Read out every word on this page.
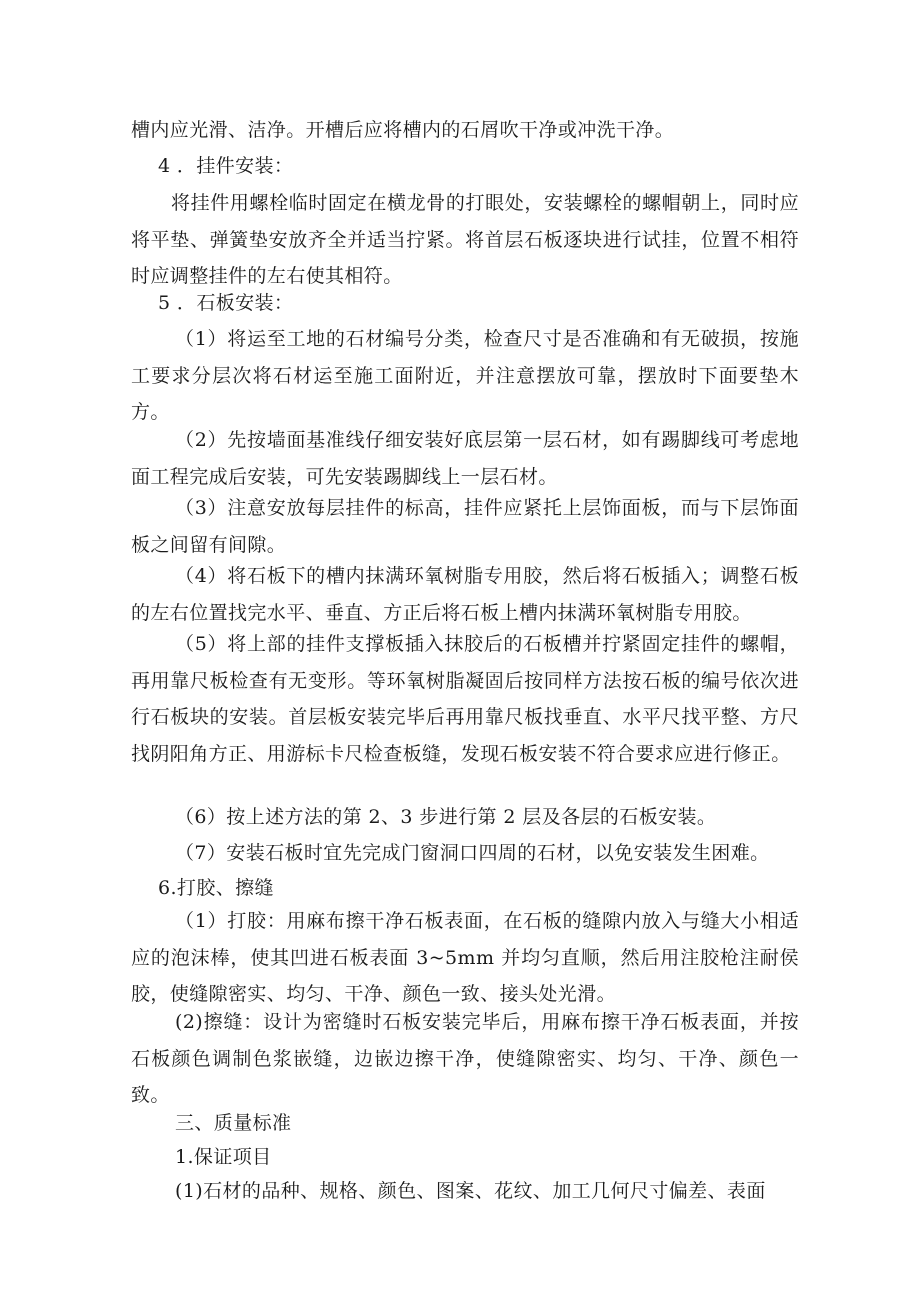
槽内应光滑、洁净。开槽后应将槽内的石屑吹干净或冲洗干净。

4 ．挂件安装：

将挂件用螺栓临时固定在横龙骨的打眼处，安装螺栓的螺帽朝上，同时应将平垫、弹簧垫安放齐全并适当拧紧。将首层石板逐块进行试挂，位置不相符时应调整挂件的左右使其相符。

5 ．石板安装：

（1）将运至工地的石材编号分类，检查尺寸是否准确和有无破损，按施工要求分层次将石材运至施工面附近，并注意摆放可靠，摆放时下面要垫木方。

（2）先按墙面基准线仔细安装好底层第一层石材，如有踢脚线可考虑地面工程完成后安装，可先安装踢脚线上一层石材。

（3）注意安放每层挂件的标高，挂件应紧托上层饰面板，而与下层饰面板之间留有间隙。

（4）将石板下的槽内抹满环氧树脂专用胶，然后将石板插入；调整石板的左右位置找完水平、垂直、方正后将石板上槽内抹满环氧树脂专用胶。

（5）将上部的挂件支撑板插入抹胶后的石板槽并拧紧固定挂件的螺帽，再用靠尺板检查有无变形。等环氧树脂凝固后按同样方法按石板的编号依次进行石板块的安装。首层板安装完毕后再用靠尺板找垂直、水平尺找平整、方尺找阴阳角方正、用游标卡尺检查板缝，发现石板安装不符合要求应进行修正。

（6）按上述方法的第 2、3 步进行第 2 层及各层的石板安装。

（7）安装石板时宜先完成门窗洞口四周的石材，以免安装发生困难。

6.打胶、擦缝

（1）打胶：用麻布擦干净石板表面，在石板的缝隙内放入与缝大小相适应的泡沫棒，使其凹进石板表面 3~5mm 并均匀直顺，然后用注胶枪注耐侯胶，使缝隙密实、均匀、干净、颜色一致、接头处光滑。

(2)擦缝：设计为密缝时石板安装完毕后，用麻布擦干净石板表面，并按石板颜色调制色浆嵌缝，边嵌边擦干净，使缝隙密实、均匀、干净、颜色一致。

三、质量标准

1.保证项目

(1)石材的品种、规格、颜色、图案、花纹、加工几何尺寸偏差、表面
